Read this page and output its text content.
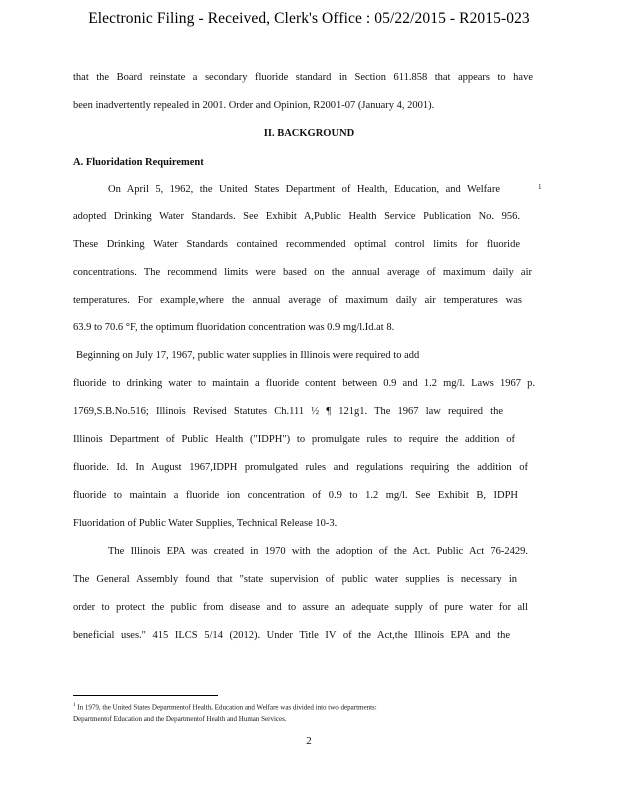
Electronic Filing - Received, Clerk's Office : 05/22/2015 - R2015-023
that the Board reinstate a secondary fluoride standard in Section 611.858 that appears to have
been inadvertently repealed in 2001. Order and Opinion, R2001-07 (January 4, 2001).
II. BACKGROUND
A. Fluoridation Requirement
1
On April 5, 1962, the United States Department of Health, Education, and Welfare
adopted Drinking Water Standards. See Exhibit A,Public Health Service Publication No. 956.
These Drinking Water Standards contained recommended optimal control limits for fluoride
concentrations. The recommend limits were based on the annual average of maximum daily air
temperatures. For example,where the annual average of maximum daily air temperatures was
63.9 to 70.6 °F, the optimum fluoridation concentration was 0.9 mg/l.Id.at 8.
Beginning on July 17, 1967, public water supplies in Illinois were required to add
fluoride to drinking water to maintain a fluoride content between 0.9 and 1.2 mg/l. Laws 1967 p.
1769,S.B.No.516; Illinois Revised Statutes Ch.111 ½ ¶ 121g1. The 1967 law required the
Illinois Department of Public Health ("IDPH") to promulgate rules to require the addition of
fluoride. Id. In August 1967,IDPH promulgated rules and regulations requiring the addition of
fluoride to maintain a fluoride ion concentration of 0.9 to 1.2 mg/l. See Exhibit B, IDPH
Fluoridation of Public Water Supplies, Technical Release 10-3.
The Illinois EPA was created in 1970 with the adoption of the Act. Public Act 76-2429.
The General Assembly found that "state supervision of public water supplies is necessary in
order to protect the public from disease and to assure an adequate supply of pure water for all
beneficial uses." 415 ILCS 5/14 (2012). Under Title IV of the Act,the Illinois EPA and the
$^1$ In 1979, the United States Departmentof Health, Education and Welfare was divided into two departments:
Departmentof Education and the Departmentof Health and Human Services.
2
